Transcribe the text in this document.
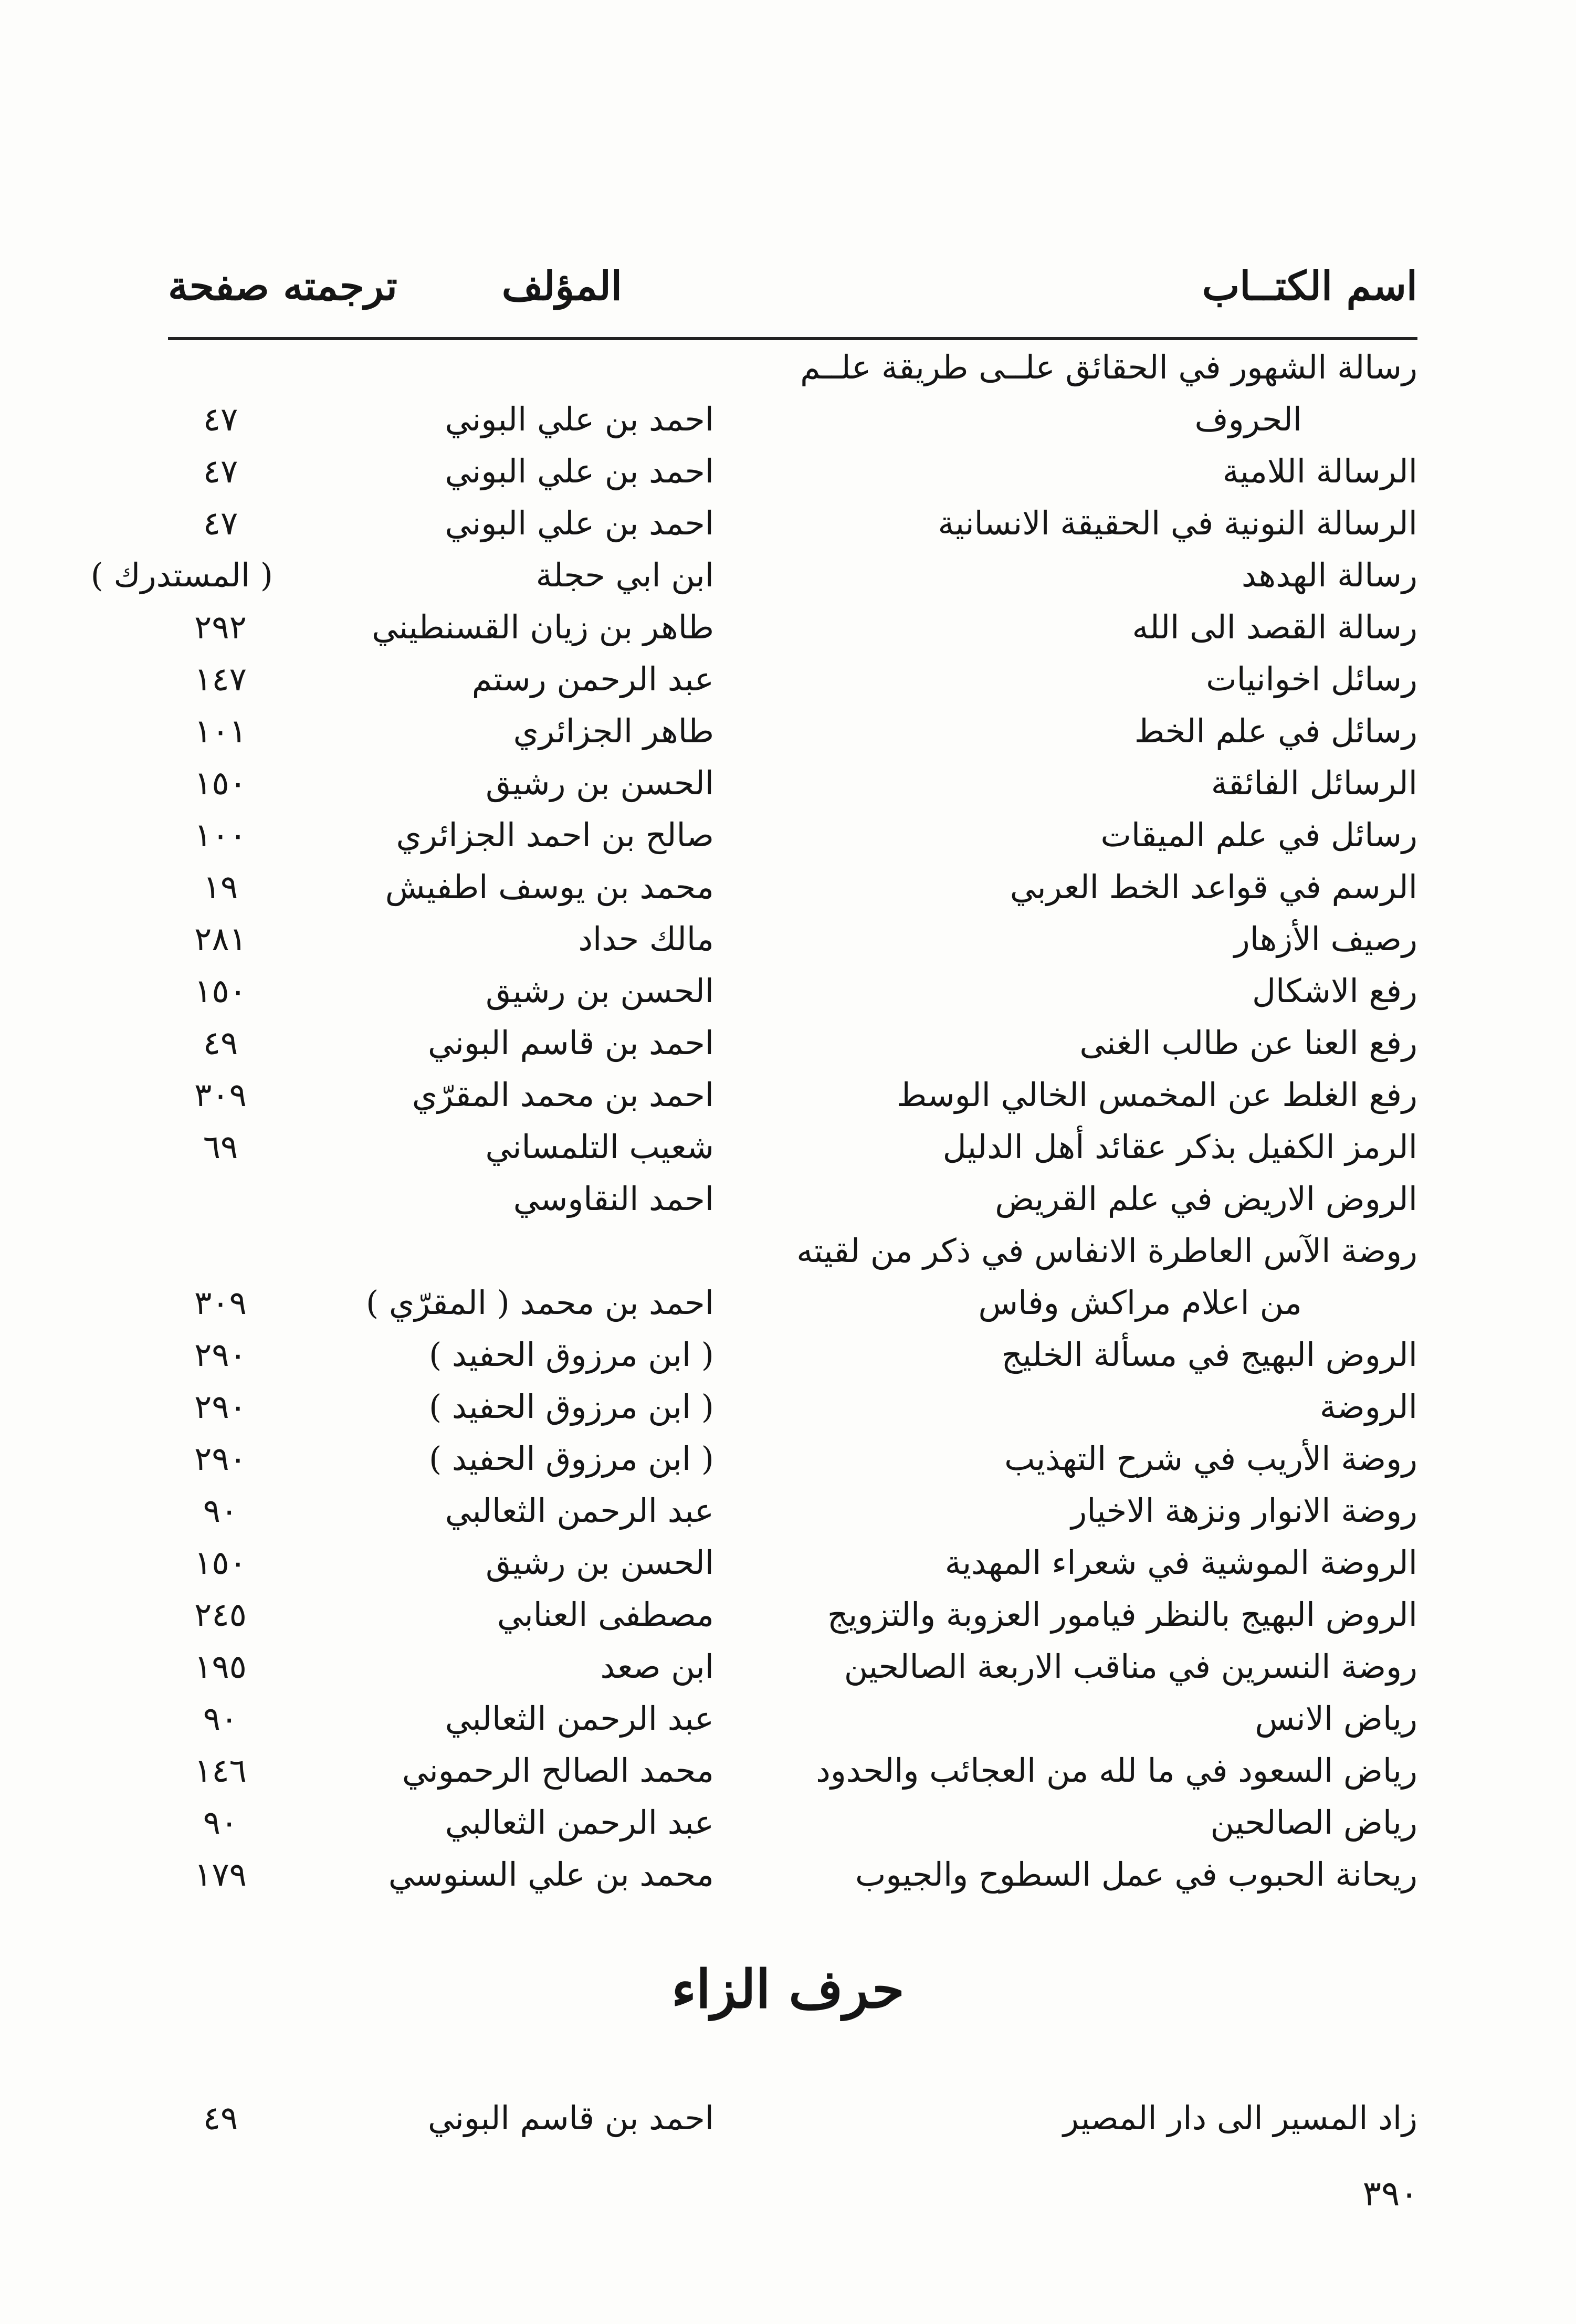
اسم الكتــاب
المؤلف
ترجمته صفحة
رسالة الشهور في الحقائق علــى طريقة علــم
الحروف
احمد بن علي البوني
٤٧
الرسالة اللامية
احمد بن علي البوني
٤٧
الرسالة النونية في الحقيقة الانسانية
احمد بن علي البوني
٤٧
رسالة الهدهد
ابن ابي حجلة
( المستدرك )
رسالة القصد الى الله
طاهر بن زيان القسنطيني
٢٩٢
رسائل اخوانيات
عبد الرحمن رستم
١٤٧
رسائل في علم الخط
طاهر الجزائري
١٠١
الرسائل الفائقة
الحسن بن رشيق
١٥٠
رسائل في علم الميقات
صالح بن احمد الجزائري
١٠٠
الرسم في قواعد الخط العربي
محمد بن يوسف اطفيش
١٩
رصيف الأزهار
مالك حداد
٢٨١
رفع الاشكال
الحسن بن رشيق
١٥٠
رفع العنا عن طالب الغنى
احمد بن قاسم البوني
٤٩
رفع الغلط عن المخمس الخالي الوسط
احمد بن محمد المقرّي
٣٠٩
الرمز الكفيل بذكر عقائد أهل الدليل
شعيب التلمساني
٦٩
الروض الاريض في علم القريض
احمد النقاوسي
روضة الآس العاطرة الانفاس في ذكر من لقيته
من اعلام مراكش وفاس
احمد بن محمد ( المقرّي )
٣٠٩
الروض البهيج في مسألة الخليج
( ابن مرزوق الحفيد )
٢٩٠
الروضة
( ابن مرزوق الحفيد )
٢٩٠
روضة الأريب في شرح التهذيب
( ابن مرزوق الحفيد )
٢٩٠
روضة الانوار ونزهة الاخيار
عبد الرحمن الثعالبي
٩٠
الروضة الموشية في شعراء المهدية
الحسن بن رشيق
١٥٠
الروض البهيج بالنظر فيامور العزوبة والتزويج
مصطفى العنابي
٢٤٥
روضة النسرين في مناقب الاربعة الصالحين
ابن صعد
١٩٥
رياض الانس
عبد الرحمن الثعالبي
٩٠
رياض السعود في ما لله من العجائب والحدود
محمد الصالح الرحموني
١٤٦
رياض الصالحين
عبد الرحمن الثعالبي
٩٠
ريحانة الحبوب في عمل السطوح والجيوب
محمد بن علي السنوسي
١٧٩
حرف الزاء
زاد المسير الى دار المصير
احمد بن قاسم البوني
٤٩
٣٩٠
